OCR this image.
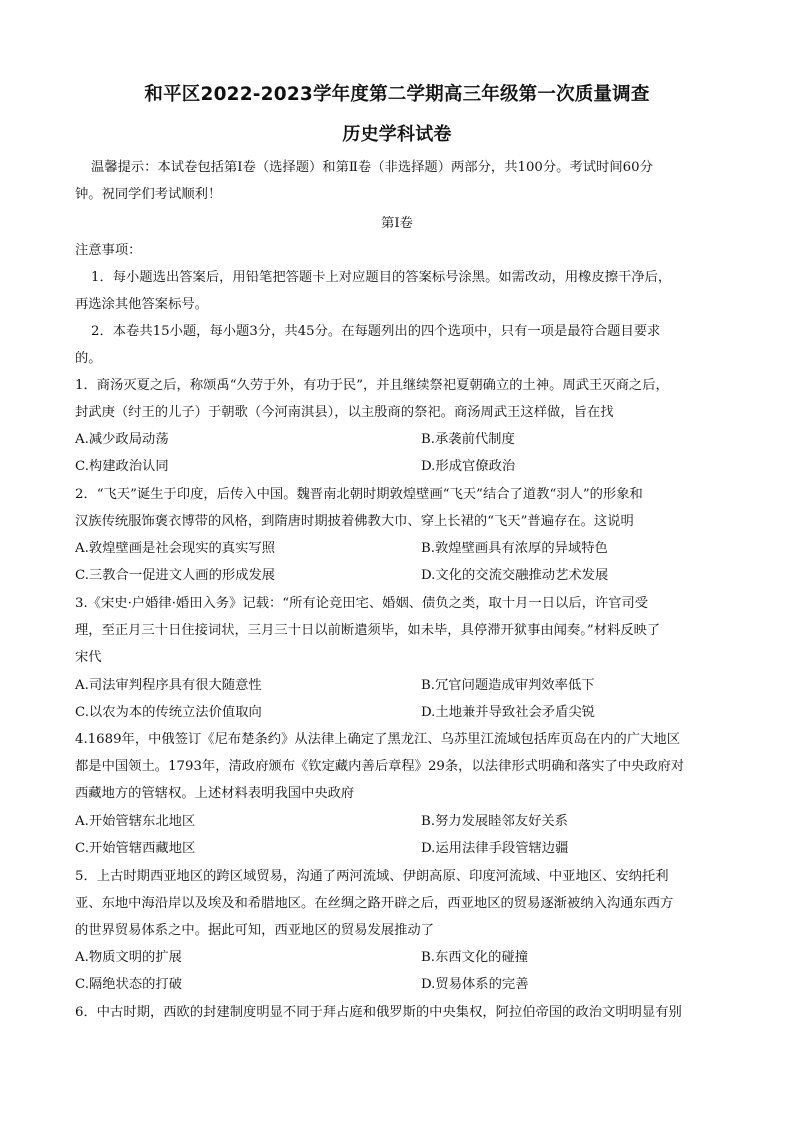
和平区2022-2023学年度第二学期高三年级第一次质量调查
历史学科试卷
温馨提示：本试卷包括第Ⅰ卷（选择题）和第Ⅱ卷（非选择题）两部分，共100分。考试时间60分
钟。祝同学们考试顺利！
第Ⅰ卷
注意事项：
1．每小题选出答案后，用铅笔把答题卡上对应题目的答案标号涂黑。如需改动，用橡皮擦干净后，
再选涂其他答案标号。
2．本卷共15小题，每小题3分，共45分。在每题列出的四个选项中，只有一项是最符合题目要求
的。
1．商汤灭夏之后，称颂禹“久劳于外，有功于民”，并且继续祭祀夏朝确立的土神。周武王灭商之后，
封武庚（纣王的儿子）于朝歌（今河南淇县），以主殷商的祭祀。商汤周武王这样做，旨在找
A.减少政局动荡	B.承袭前代制度
C.构建政治认同	D.形成官僚政治
2．“飞天”诞生于印度，后传入中国。魏晋南北朝时期敦煌壁画“飞天”结合了道教“羽人”的形象和
汉族传统服饰褒衣博带的风格，到隋唐时期披着佛教大巾、穿上长裙的“飞天”普遍存在。这说明
A.敦煌壁画是社会现实的真实写照	B.敦煌壁画具有浓厚的异域特色
C.三教合一促进文人画的形成发展	D.文化的交流交融推动艺术发展
3.《宋史·户婚律·婚田入务》记载：“所有论竞田宅、婚姻、债负之类，取十月一日以后，许官司受
理，至正月三十日住接词状，三月三十日以前断遣须毕，如未毕，具停滞开狱事由闻奏。”材料反映了
宋代
A.司法审判程序具有很大随意性	B.冗官问题造成审判效率低下
C.以农为本的传统立法价值取向	D.土地兼并导致社会矛盾尖锐
4.1689年，中俄签订《尼布楚条约》从法律上确定了黑龙江、乌苏里江流域包括库页岛在内的广大地区
都是中国领土。1793年，清政府颁布《钦定藏内善后章程》29条，以法律形式明确和落实了中央政府对
西藏地方的管辖权。上述材料表明我国中央政府
A.开始管辖东北地区	B.努力发展睦邻友好关系
C.开始管辖西藏地区	D.运用法律手段管辖边疆
5．上古时期西亚地区的跨区域贸易，沟通了两河流域、伊朗高原、印度河流域、中亚地区、安纳托利
亚、东地中海沿岸以及埃及和希腊地区。在丝绸之路开辟之后，西亚地区的贸易逐渐被纳入沟通东西方
的世界贸易体系之中。据此可知，西亚地区的贸易发展推动了
A.物质文明的扩展	B.东西文化的碰撞
C.隔绝状态的打破	D.贸易体系的完善
6．中古时期，西欧的封建制度明显不同于拜占庭和俄罗斯的中央集权，阿拉伯帝国的政治文明明显有别
